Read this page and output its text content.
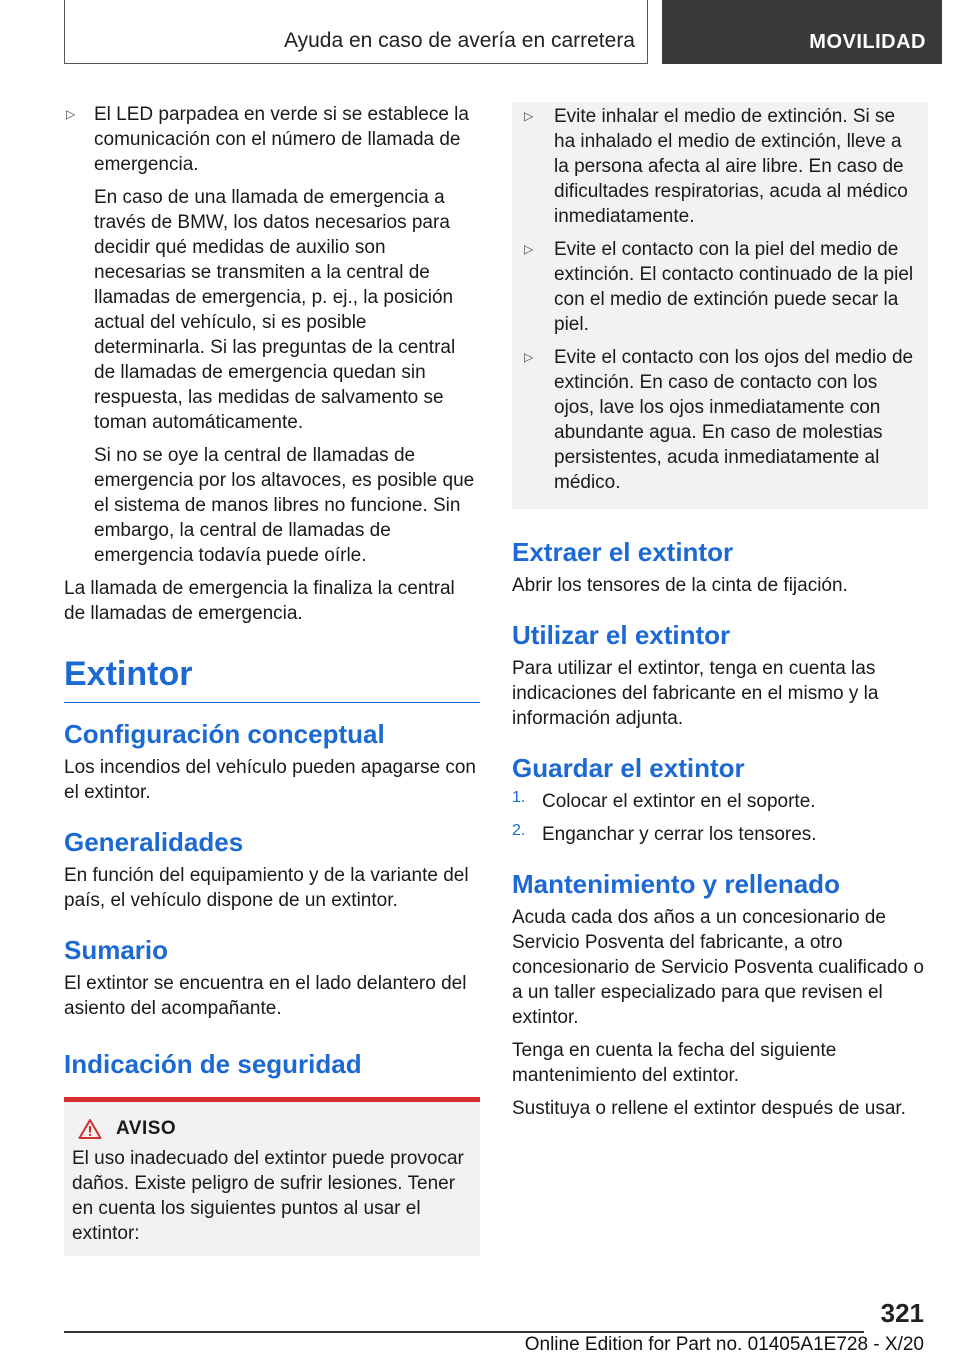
Ayuda en caso de avería en carretera	MOVILIDAD
▷ El LED parpadea en verde si se establece la comunicación con el número de llamada de emergencia.

En caso de una llamada de emergencia a través de BMW, los datos necesarios para decidir qué medidas de auxilio son necesarias se transmiten a la central de llamadas de emergencia, p. ej., la posición actual del vehículo, si es posible determinarla. Si las preguntas de la central de llamadas de emergencia quedan sin respuesta, las medidas de salvamento se toman automáticamente.

Si no se oye la central de llamadas de emergencia por los altavoces, es posible que el sistema de manos libres no funcione. Sin embargo, la central de llamadas de emergencia todavía puede oírle.

La llamada de emergencia la finaliza la central de llamadas de emergencia.

Extintor
Configuración conceptual

Los incendios del vehículo pueden apagarse con el extintor.

Generalidades

En función del equipamiento y de la variante del país, el vehículo dispone de un extintor.

Sumario

El extintor se encuentra en el lado delantero del asiento del acompañante.

Indicación de seguridad
AVISO

El uso inadecuado del extintor puede provocar daños. Existe peligro de sufrir lesiones. Tener en cuenta los siguientes puntos al usar el extintor:

▷	Evite inhalar el medio de extinción. Si se ha inhalado el medio de extinción, lleve a la persona afecta al aire libre. En caso de dificultades respiratorias, acuda al médico inmediatamente.

▷	Evite el contacto con la piel del medio de extinción. El contacto continuado de la piel con el medio de extinción puede secar la piel.

▷	Evite el contacto con los ojos del medio de extinción. En caso de contacto con los ojos, lave los ojos inmediatamente con abundante agua. En caso de molestias persistentes, acuda inmediatamente al médico.

Extraer el extintor

Abrir los tensores de la cinta de fijación.

Utilizar el extintor

Para utilizar el extintor, tenga en cuenta las indicaciones del fabricante en el mismo y la información adjunta.

Guardar el extintor
1. Colocar el extintor en el soporte.

2. Enganchar y cerrar los tensores.

Mantenimiento y rellenado

Acuda cada dos años a un concesionario de Servicio Posventa del fabricante, a otro concesionario de Servicio Posventa cualificado o a un taller especializado para que revisen el extintor.

Tenga en cuenta la fecha del siguiente mantenimiento del extintor.

Sustituya o rellene el extintor después de usar.

321
Online Edition for Part no. 01405A1E728 - X/20
